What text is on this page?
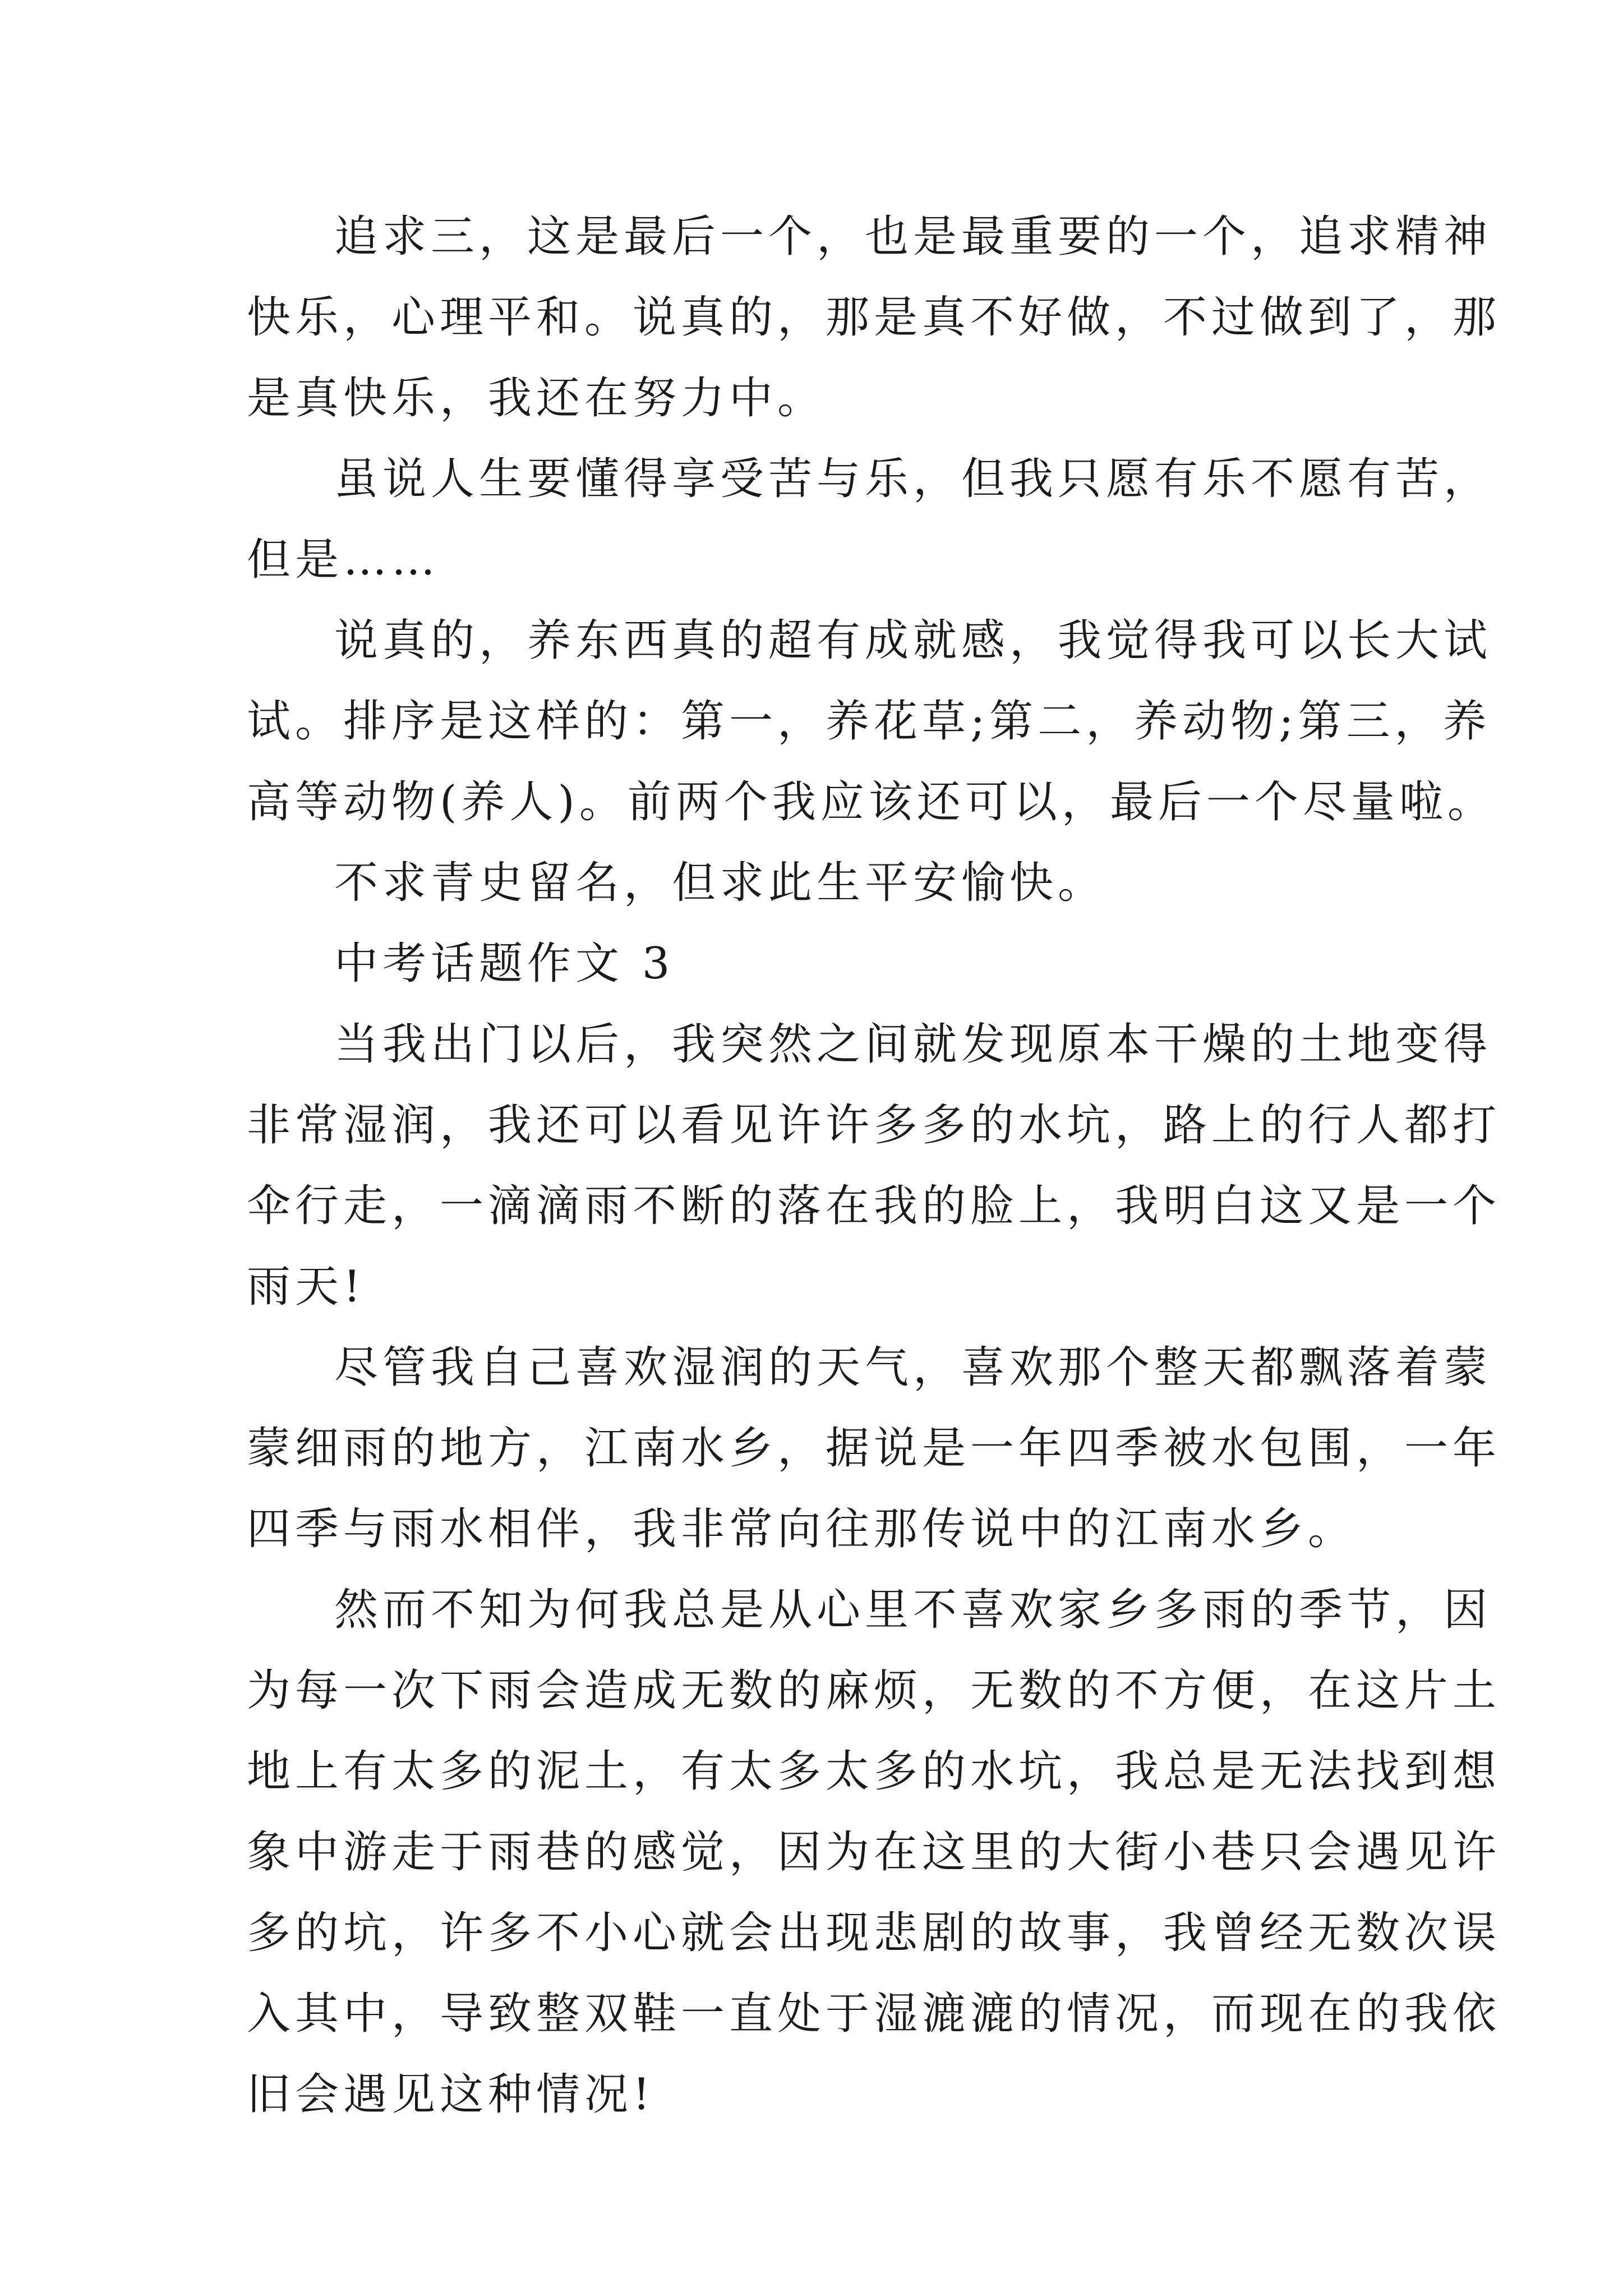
追求三，这是最后一个，也是最重要的一个，追求精神
快乐，心理平和。说真的，那是真不好做，不过做到了，那
是真快乐，我还在努力中。
虽说人生要懂得享受苦与乐，但我只愿有乐不愿有苦，
但是……
说真的，养东西真的超有成就感，我觉得我可以长大试
试。排序是这样的：第一，养花草;第二，养动物;第三，养
高等动物(养人)。前两个我应该还可以，最后一个尽量啦。
不求青史留名，但求此生平安愉快。
中考话题作文 3
当我出门以后，我突然之间就发现原本干燥的土地变得
非常湿润，我还可以看见许许多多的水坑，路上的行人都打
伞行走，一滴滴雨不断的落在我的脸上，我明白这又是一个
雨天!
尽管我自己喜欢湿润的天气，喜欢那个整天都飘落着蒙
蒙细雨的地方，江南水乡，据说是一年四季被水包围，一年
四季与雨水相伴，我非常向往那传说中的江南水乡。
然而不知为何我总是从心里不喜欢家乡多雨的季节，因
为每一次下雨会造成无数的麻烦，无数的不方便，在这片土
地上有太多的泥土，有太多太多的水坑，我总是无法找到想
象中游走于雨巷的感觉，因为在这里的大街小巷只会遇见许
多的坑，许多不小心就会出现悲剧的故事，我曾经无数次误
入其中，导致整双鞋一直处于湿漉漉的情况，而现在的我依
旧会遇见这种情况!
